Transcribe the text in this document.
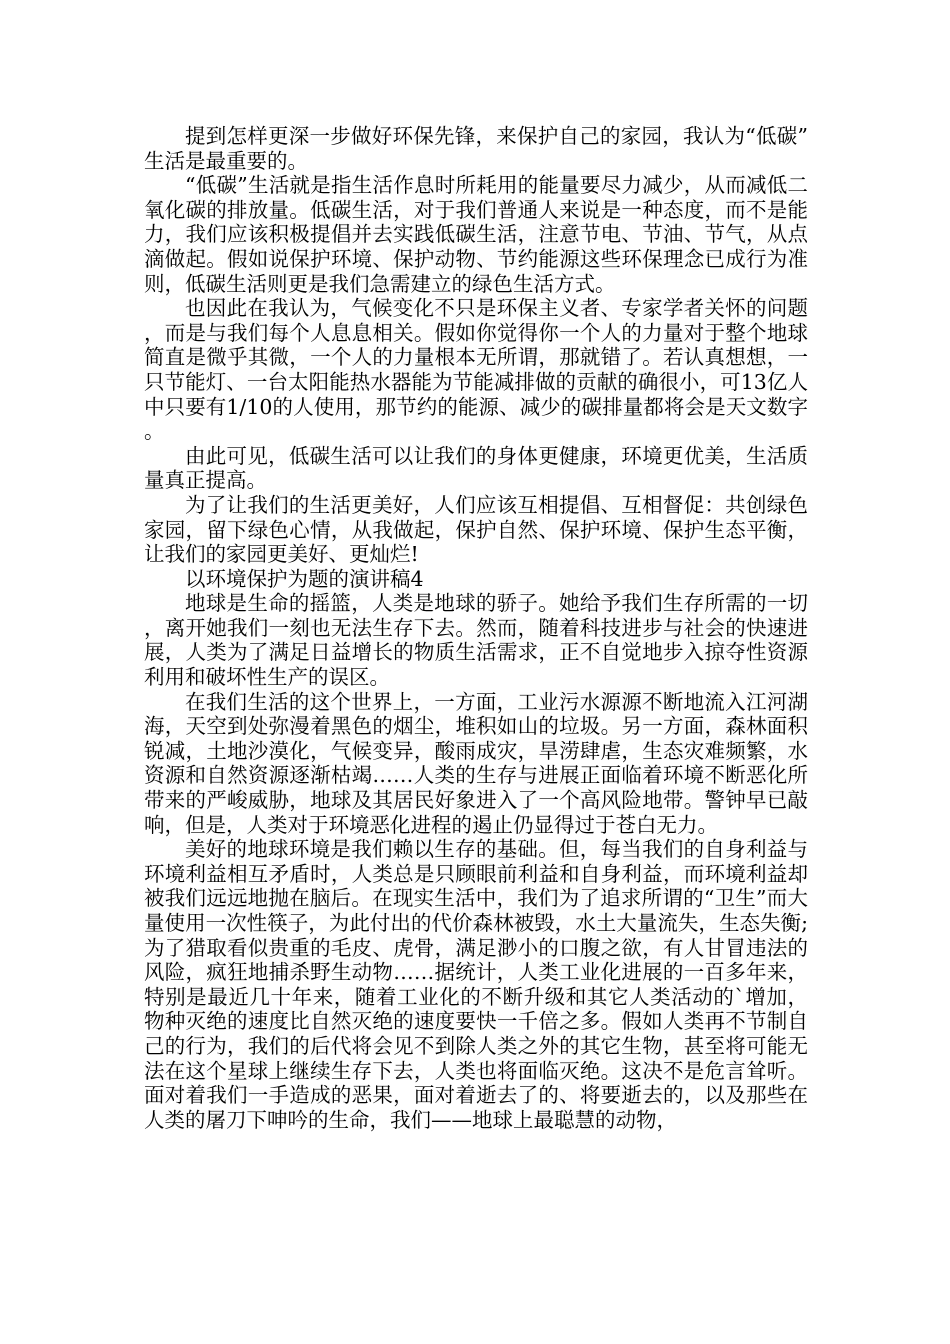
提到怎样更深一步做好环保先锋，来保护自己的家园，我认为“低碳”生活是最重要的。

“低碳”生活就是指生活作息时所耗用的能量要尽力减少，从而减低二氧化碳的排放量。低碳生活，对于我们普通人来说是一种态度，而不是能力，我们应该积极提倡并去实践低碳生活，注意节电、节油、节气，从点滴做起。假如说保护环境、保护动物、节约能源这些环保理念已成行为准则，低碳生活则更是我们急需建立的绿色生活方式。

也因此在我认为，气候变化不只是环保主义者、专家学者关怀的问题，而是与我们每个人息息相关。假如你觉得你一个人的力量对于整个地球简直是微乎其微，一个人的力量根本无所谓，那就错了。若认真想想，一只节能灯、一台太阳能热水器能为节能减排做的贡献的确很小，可13亿人中只要有1/10的人使用，那节约的能源、减少的碳排量都将会是天文数字。

由此可见，低碳生活可以让我们的身体更健康，环境更优美，生活质量真正提高。

为了让我们的生活更美好，人们应该互相提倡、互相督促：共创绿色家园，留下绿色心情，从我做起，保护自然、保护环境、保护生态平衡，让我们的家园更美好、更灿烂!

以环境保护为题的演讲稿4

地球是生命的摇篮，人类是地球的骄子。她给予我们生存所需的一切，离开她我们一刻也无法生存下去。然而，随着科技进步与社会的快速进展，人类为了满足日益增长的物质生活需求，正不自觉地步入掠夺性资源利用和破坏性生产的误区。

在我们生活的这个世界上，一方面，工业污水源源不断地流入江河湖海，天空到处弥漫着黑色的烟尘，堆积如山的垃圾。另一方面，森林面积锐减，土地沙漠化，气候变异，酸雨成灾，旱涝肆虐，生态灾难频繁，水资源和自然资源逐渐枯竭……人类的生存与进展正面临着环境不断恶化所带来的严峻威胁，地球及其居民好象进入了一个高风险地带。警钟早已敲响，但是，人类对于环境恶化进程的遏止仍显得过于苍白无力。

美好的地球环境是我们赖以生存的基础。但，每当我们的自身利益与环境利益相互矛盾时，人类总是只顾眼前利益和自身利益，而环境利益却被我们远远地抛在脑后。在现实生活中，我们为了追求所谓的“卫生”而大量使用一次性筷子，为此付出的代价森林被毁，水土大量流失，生态失衡;为了猎取看似贵重的毛皮、虎骨，满足渺小的口腹之欲，有人甘冒违法的风险，疯狂地捕杀野生动物……据统计，人类工业化进展的一百多年来，特别是最近几十年来，随着工业化的不断升级和其它人类活动的`增加，物种灭绝的速度比自然灭绝的速度要快一千倍之多。假如人类再不节制自己的行为，我们的后代将会见不到除人类之外的其它生物，甚至将可能无法在这个星球上继续生存下去，人类也将面临灭绝。这决不是危言耸听。面对着我们一手造成的恶果，面对着逝去了的、将要逝去的，以及那些在人类的屠刀下呻吟的生命，我们——地球上最聪慧的动物，
